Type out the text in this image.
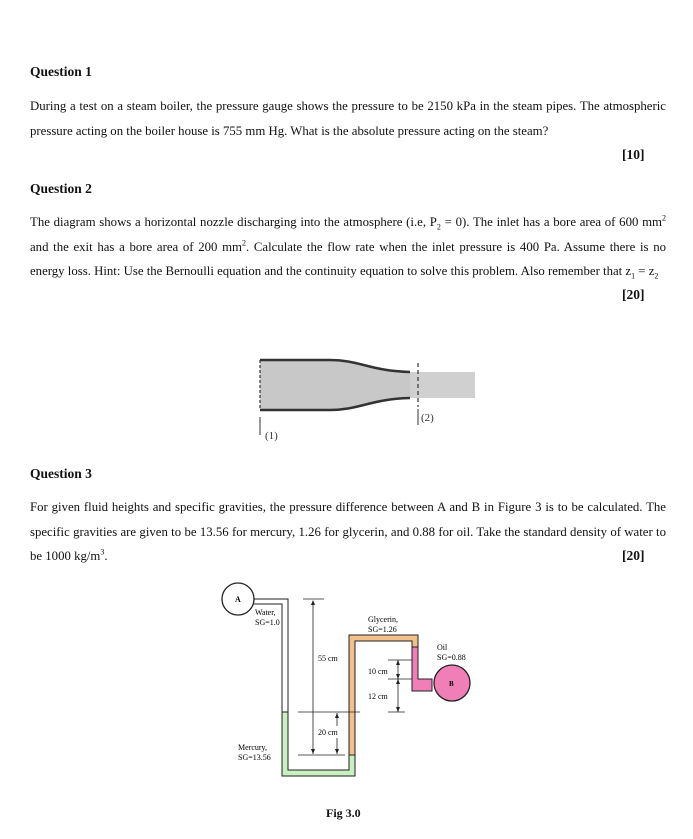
Question 1
During a test on a steam boiler, the pressure gauge shows the pressure to be 2150 kPa in the steam pipes. The atmospheric pressure acting on the boiler house is 755 mm Hg. What is the absolute pressure acting on the steam?
[10]
Question 2
The diagram shows a horizontal nozzle discharging into the atmosphere (i.e, $P_2 = 0$). The inlet has a bore area of 600 $mm^2$ and the exit has a bore area of 200 $mm^2$. Calculate the flow rate when the inlet pressure is 400 Pa. Assume there is no energy loss. Hint: Use the Bernoulli equation and the continuity equation to solve this problem. Also remember that $z_1 = z_2$
[20]
(1)
(2)
Question 3
For given fluid heights and specific gravities, the pressure difference between A and B in Figure 3 is to be calculated. The specific gravities are given to be 13.56 for mercury, 1.26 for glycerin, and 0.88 for oil. Take the standard density of water to be 1000 $kg/m^3$.	[20]
A
B
Water,
SG=1.0	Glycerin,
SG=1.26
Oil
SG=0.88
Mercury,
SG=13.56
55 cm
20 cm
10 cm
12 cm
Fig 3.0
